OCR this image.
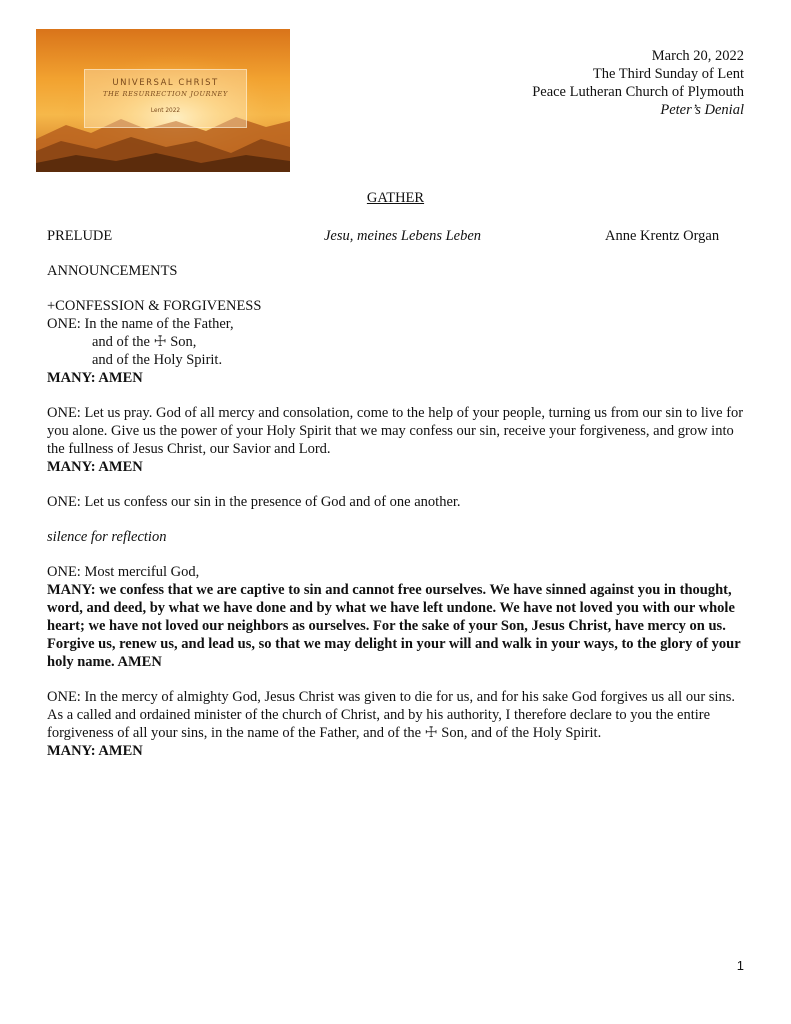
UNIVERSAL CHRIST
THE RESURRECTION JOURNEY
Lent 2022
March 20, 2022
The Third Sunday of Lent
Peace Lutheran Church of Plymouth
Peter’s Denial
GATHER
PRELUDE	Jesu, meines Lebens Leben	Anne Krentz Organ

ANNOUNCEMENTS

+CONFESSION & FORGIVENESS

ONE: In the name of the Father,

and of the ☩ Son,

and of the Holy Spirit.

MANY: AMEN

ONE: Let us pray. God of all mercy and consolation, come to the help of your people, turning us from our sin to live for you alone. Give us the power of your Holy Spirit that we may confess our sin, receive your forgiveness, and grow into the fullness of Jesus Christ, our Savior and Lord.

MANY: AMEN

ONE: Let us confess our sin in the presence of God and of one another.

silence for reflection

ONE: Most merciful God,

MANY: we confess that we are captive to sin and cannot free ourselves. We have sinned against you in thought, word, and deed, by what we have done and by what we have left undone. We have not loved you with our whole heart; we have not loved our neighbors as ourselves. For the sake of your Son, Jesus Christ, have mercy on us. Forgive us, renew us, and lead us, so that we may delight in your will and walk in your ways, to the glory of your holy name. AMEN

ONE: In the mercy of almighty God, Jesus Christ was given to die for us, and for his sake God forgives us all our sins. As a called and ordained minister of the church of Christ, and by his authority, I therefore declare to you the entire forgiveness of all your sins, in the name of the Father, and of the ☩ Son, and of the Holy Spirit.

MANY: AMEN

1
